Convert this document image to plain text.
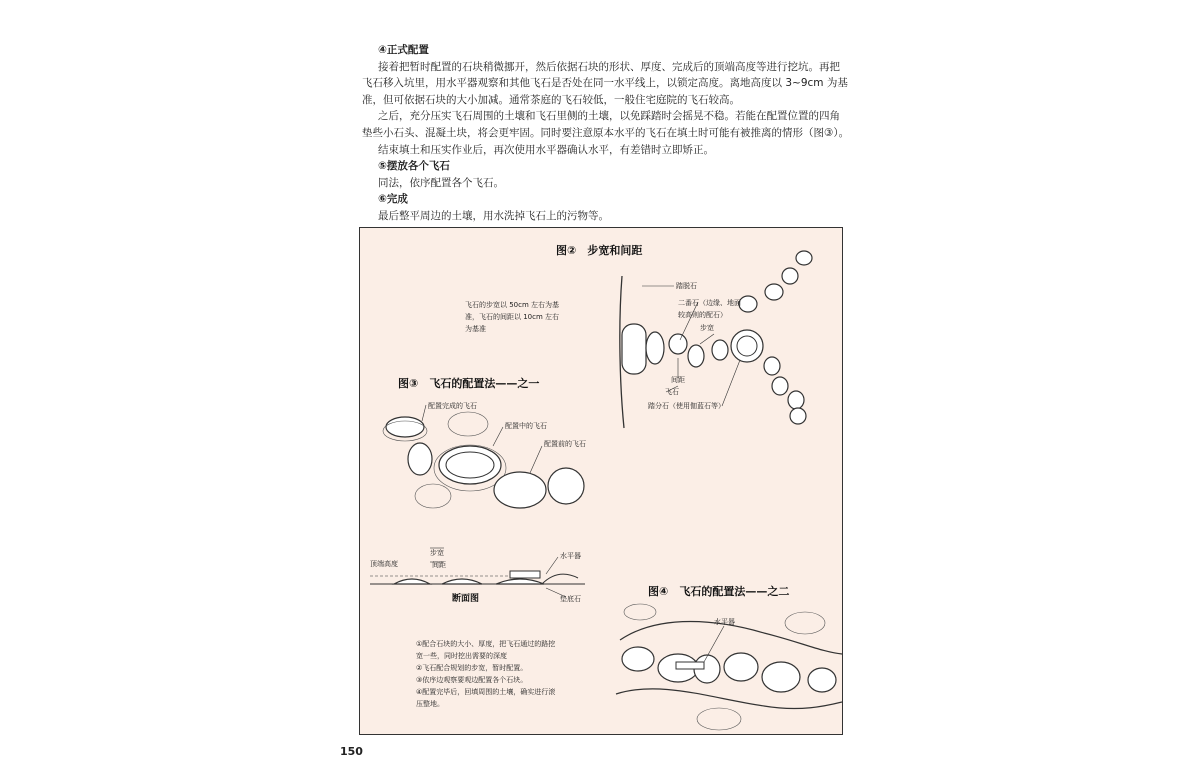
④正式配置

接着把暂时配置的石块稍微挪开，然后依据石块的形状、厚度、完成后的顶端高度等进行挖坑。再把飞石移入坑里，用水平器观察和其他飞石是否处在同一水平线上，以锁定高度。离地高度以 3~9cm 为基准，但可依据石块的大小加减。通常茶庭的飞石较低，一般住宅庭院的飞石较高。

之后，充分压实飞石周围的土壤和飞石里侧的土壤，以免踩踏时会摇晃不稳。若能在配置位置的四角垫些小石头、混凝土块，将会更牢固。同时要注意原本水平的飞石在填土时可能有被推离的情形（图③）。

结束填土和压实作业后，再次使用水平器确认水平，有差错时立即矫正。

⑤摆放各个飞石

同法，依序配置各个飞石。

⑥完成

最后整平周边的土壤，用水洗掉飞石上的污物等。

图②　步宽和间距
飞石的步宽以 50cm 左右为基
准，飞石的间距以 10cm 左右
为基准
踏脱石
二番石（边缘、地面
较高则的配石）
步宽
间距
飞石
踏分石（使用伽蓝石等）
图③　飞石的配置法——之一
配置完成的飞石
配置中的飞石
配置前的飞石
顶端高度
步宽
间距
水平器
垫底石
断面图
图④　飞石的配置法——之二
水平器
①配合石块的大小、厚度，把飞石通过的路挖
宽一些，同时挖出需要的深度
②飞石配合规划的步宽，暂时配置。
③依序边观察要观边配置各个石块。
④配置完毕后，回填周围的土壤，确实进行滚
压整地。
150
